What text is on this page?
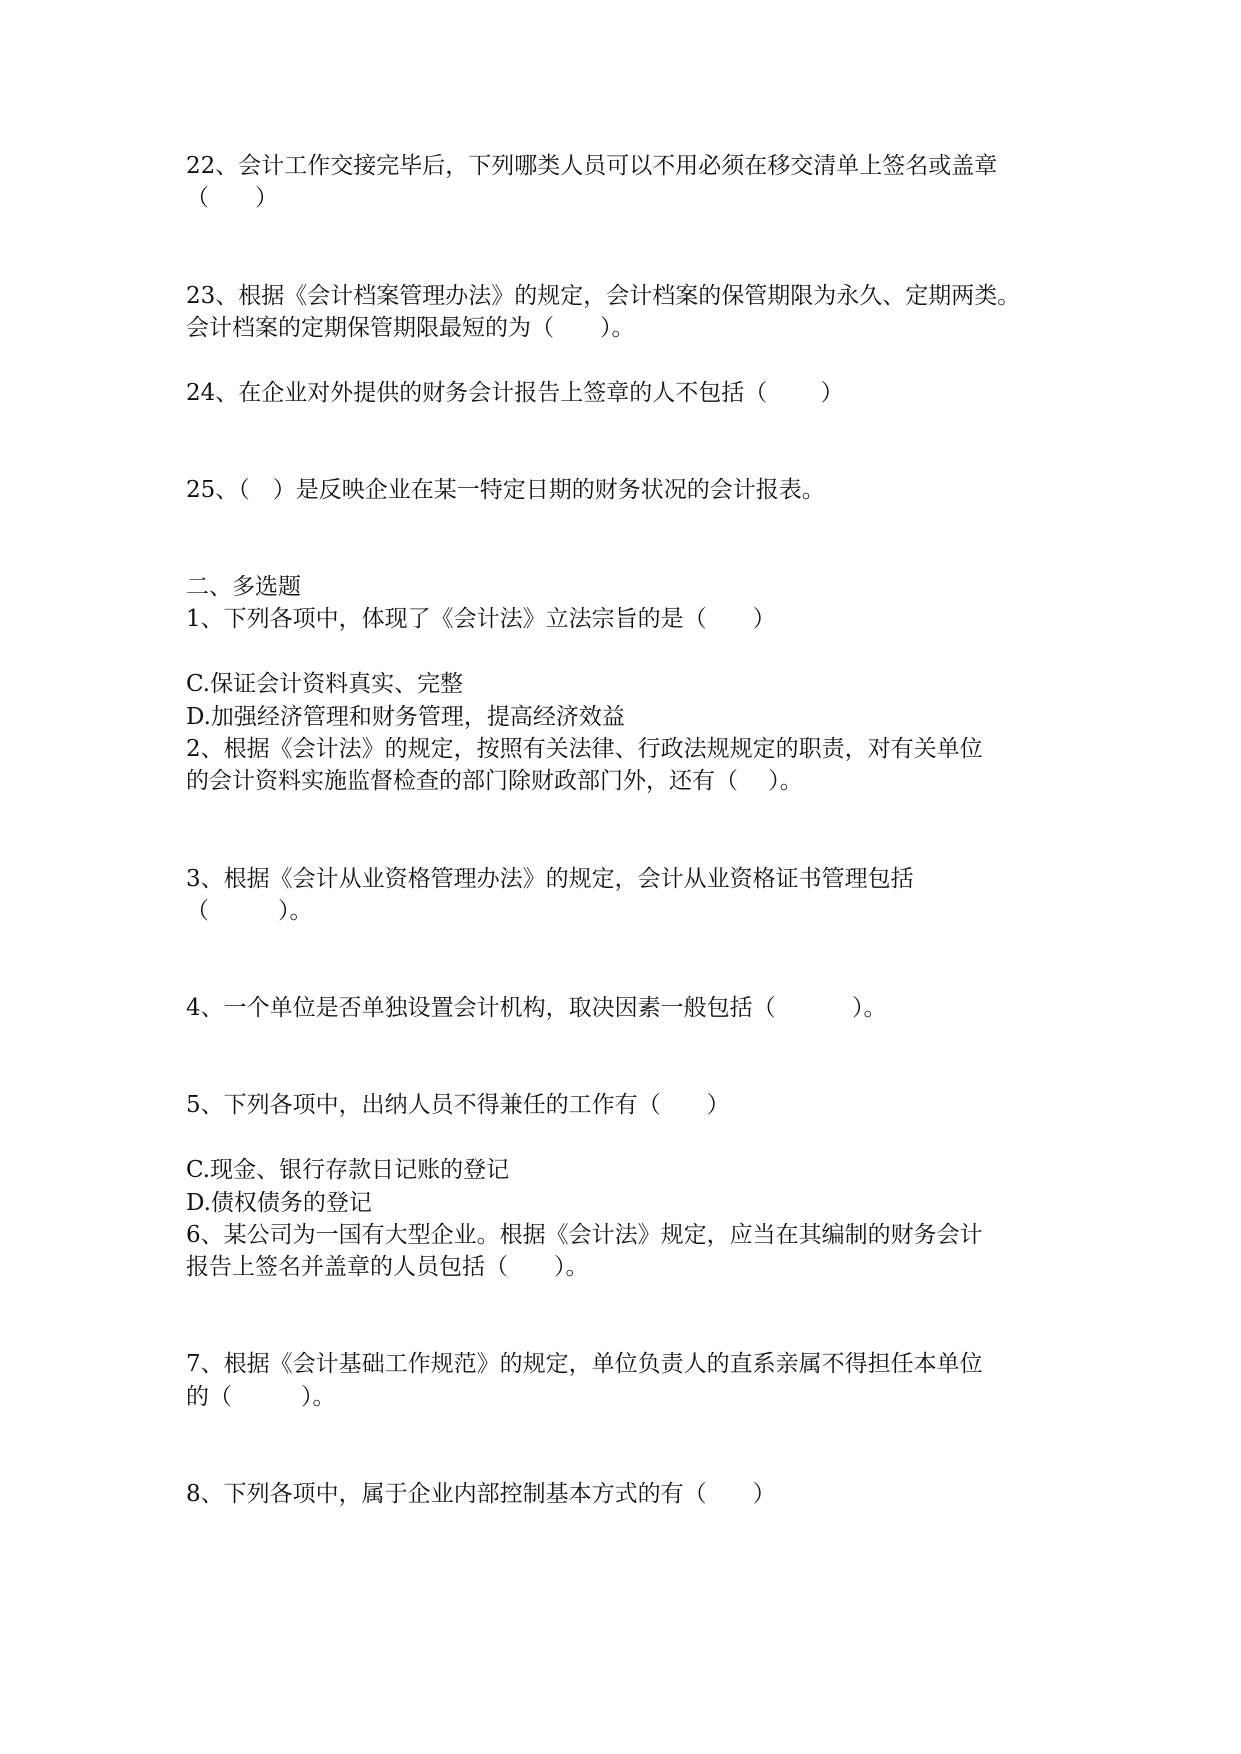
22、会计工作交接完毕后，下列哪类人员可以不用必须在移交清单上签名或盖章
（　　）

23、根据《会计档案管理办法》的规定，会计档案的保管期限为永久、定期两类。
会计档案的定期保管期限最短的为（　　）。

24、在企业对外提供的财务会计报告上签章的人不包括（　　 ）

25、（　）是反映企业在某一特定日期的财务状况的会计报表。

二、多选题
1、下列各项中，体现了《会计法》立法宗旨的是（　　）

C.保证会计资料真实、完整
D.加强经济管理和财务管理，提高经济效益
2、根据《会计法》的规定，按照有关法律、行政法规规定的职责，对有关单位
的会计资料实施监督检查的部门除财政部门外，还有（　 ）。

3、根据《会计从业资格管理办法》的规定，会计从业资格证书管理包括
（　　　）。

4、一个单位是否单独设置会计机构，取决因素一般包括（　　　 ）。

5、下列各项中，出纳人员不得兼任的工作有（　　）

C.现金、银行存款日记账的登记
D.债权债务的登记
6、某公司为一国有大型企业。根据《会计法》规定，应当在其编制的财务会计
报告上签名并盖章的人员包括（　　）。

7、根据《会计基础工作规范》的规定，单位负责人的直系亲属不得担任本单位
的（　　　）。

8、下列各项中，属于企业内部控制基本方式的有（　　）
